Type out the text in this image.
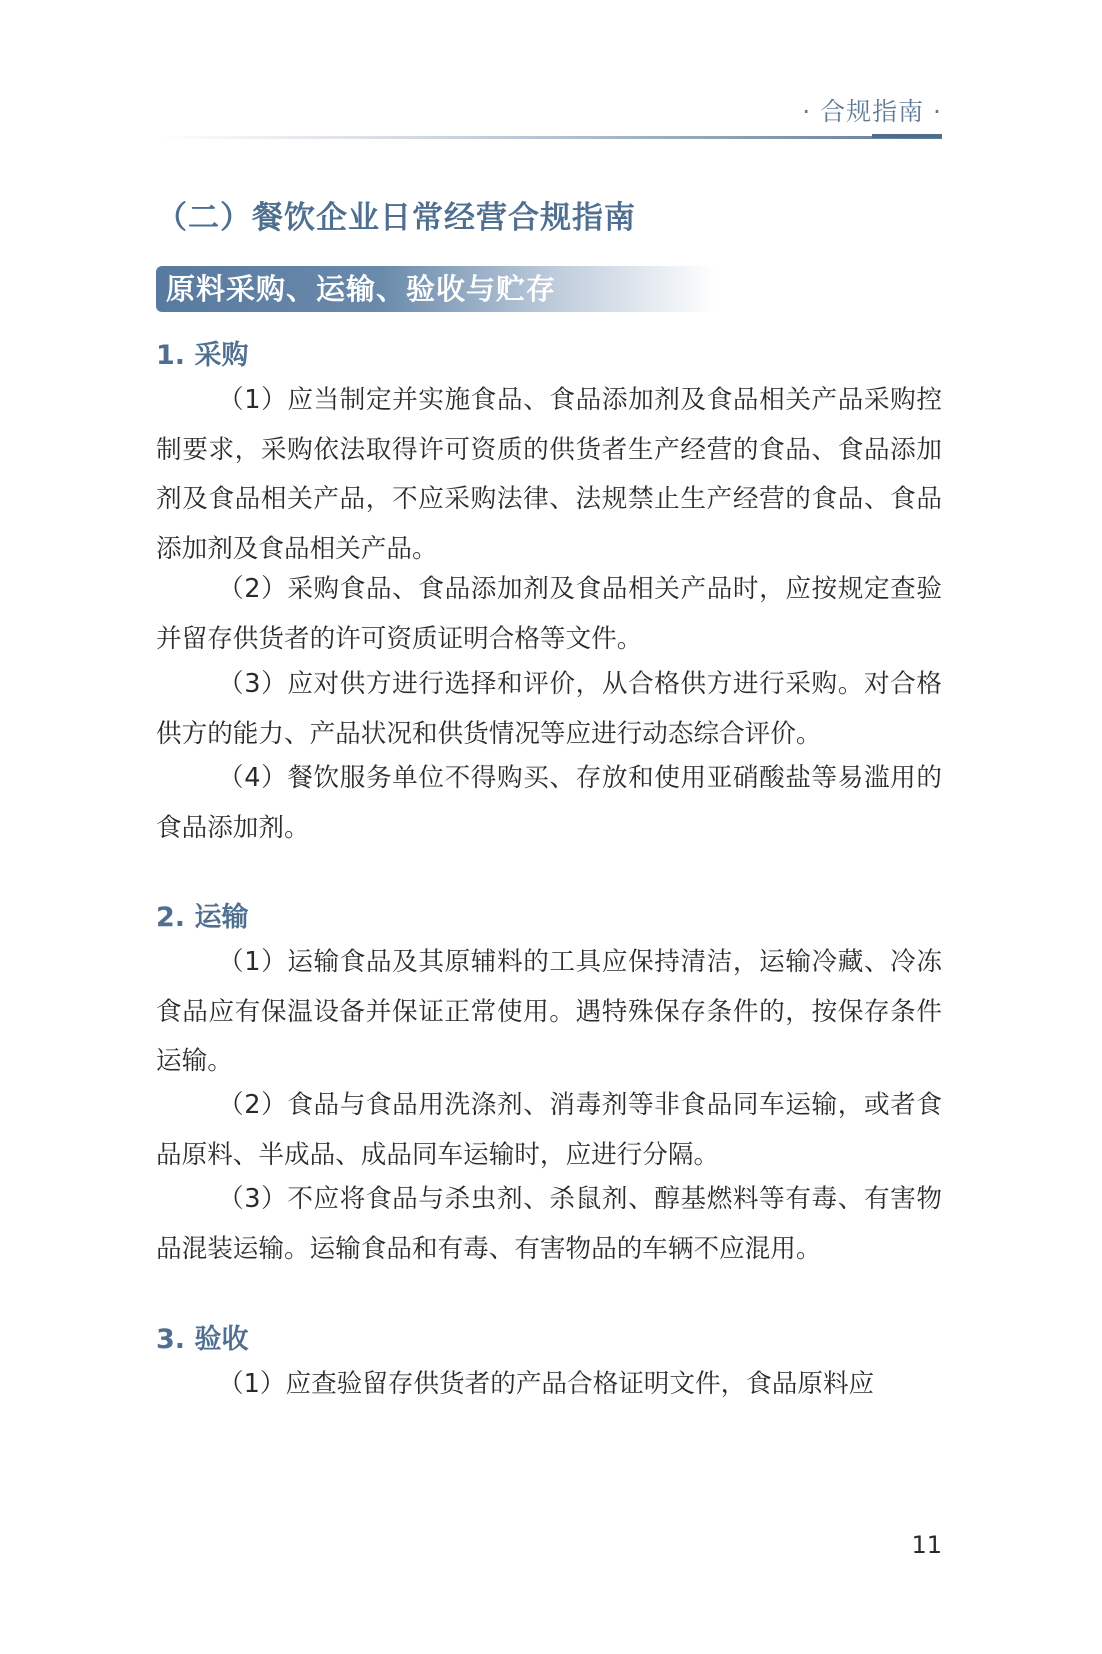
· 合规指南 ·
（二）餐饮企业日常经营合规指南
原料采购、运输、验收与贮存
1. 采购
（1）应当制定并实施食品、食品添加剂及食品相关产品采购控制要求，采购依法取得许可资质的供货者生产经营的食品、食品添加剂及食品相关产品，不应采购法律、法规禁止生产经营的食品、食品添加剂及食品相关产品。
（2）采购食品、食品添加剂及食品相关产品时，应按规定查验并留存供货者的许可资质证明合格等文件。
（3）应对供方进行选择和评价，从合格供方进行采购。对合格供方的能力、产品状况和供货情况等应进行动态综合评价。
（4）餐饮服务单位不得购买、存放和使用亚硝酸盐等易滥用的食品添加剂。
2. 运输
（1）运输食品及其原辅料的工具应保持清洁，运输冷藏、冷冻食品应有保温设备并保证正常使用。遇特殊保存条件的，按保存条件运输。
（2）食品与食品用洗涤剂、消毒剂等非食品同车运输，或者食品原料、半成品、成品同车运输时，应进行分隔。
（3）不应将食品与杀虫剂、杀鼠剂、醇基燃料等有毒、有害物品混装运输。运输食品和有毒、有害物品的车辆不应混用。
3. 验收
（1）应查验留存供货者的产品合格证明文件，食品原料应
11
